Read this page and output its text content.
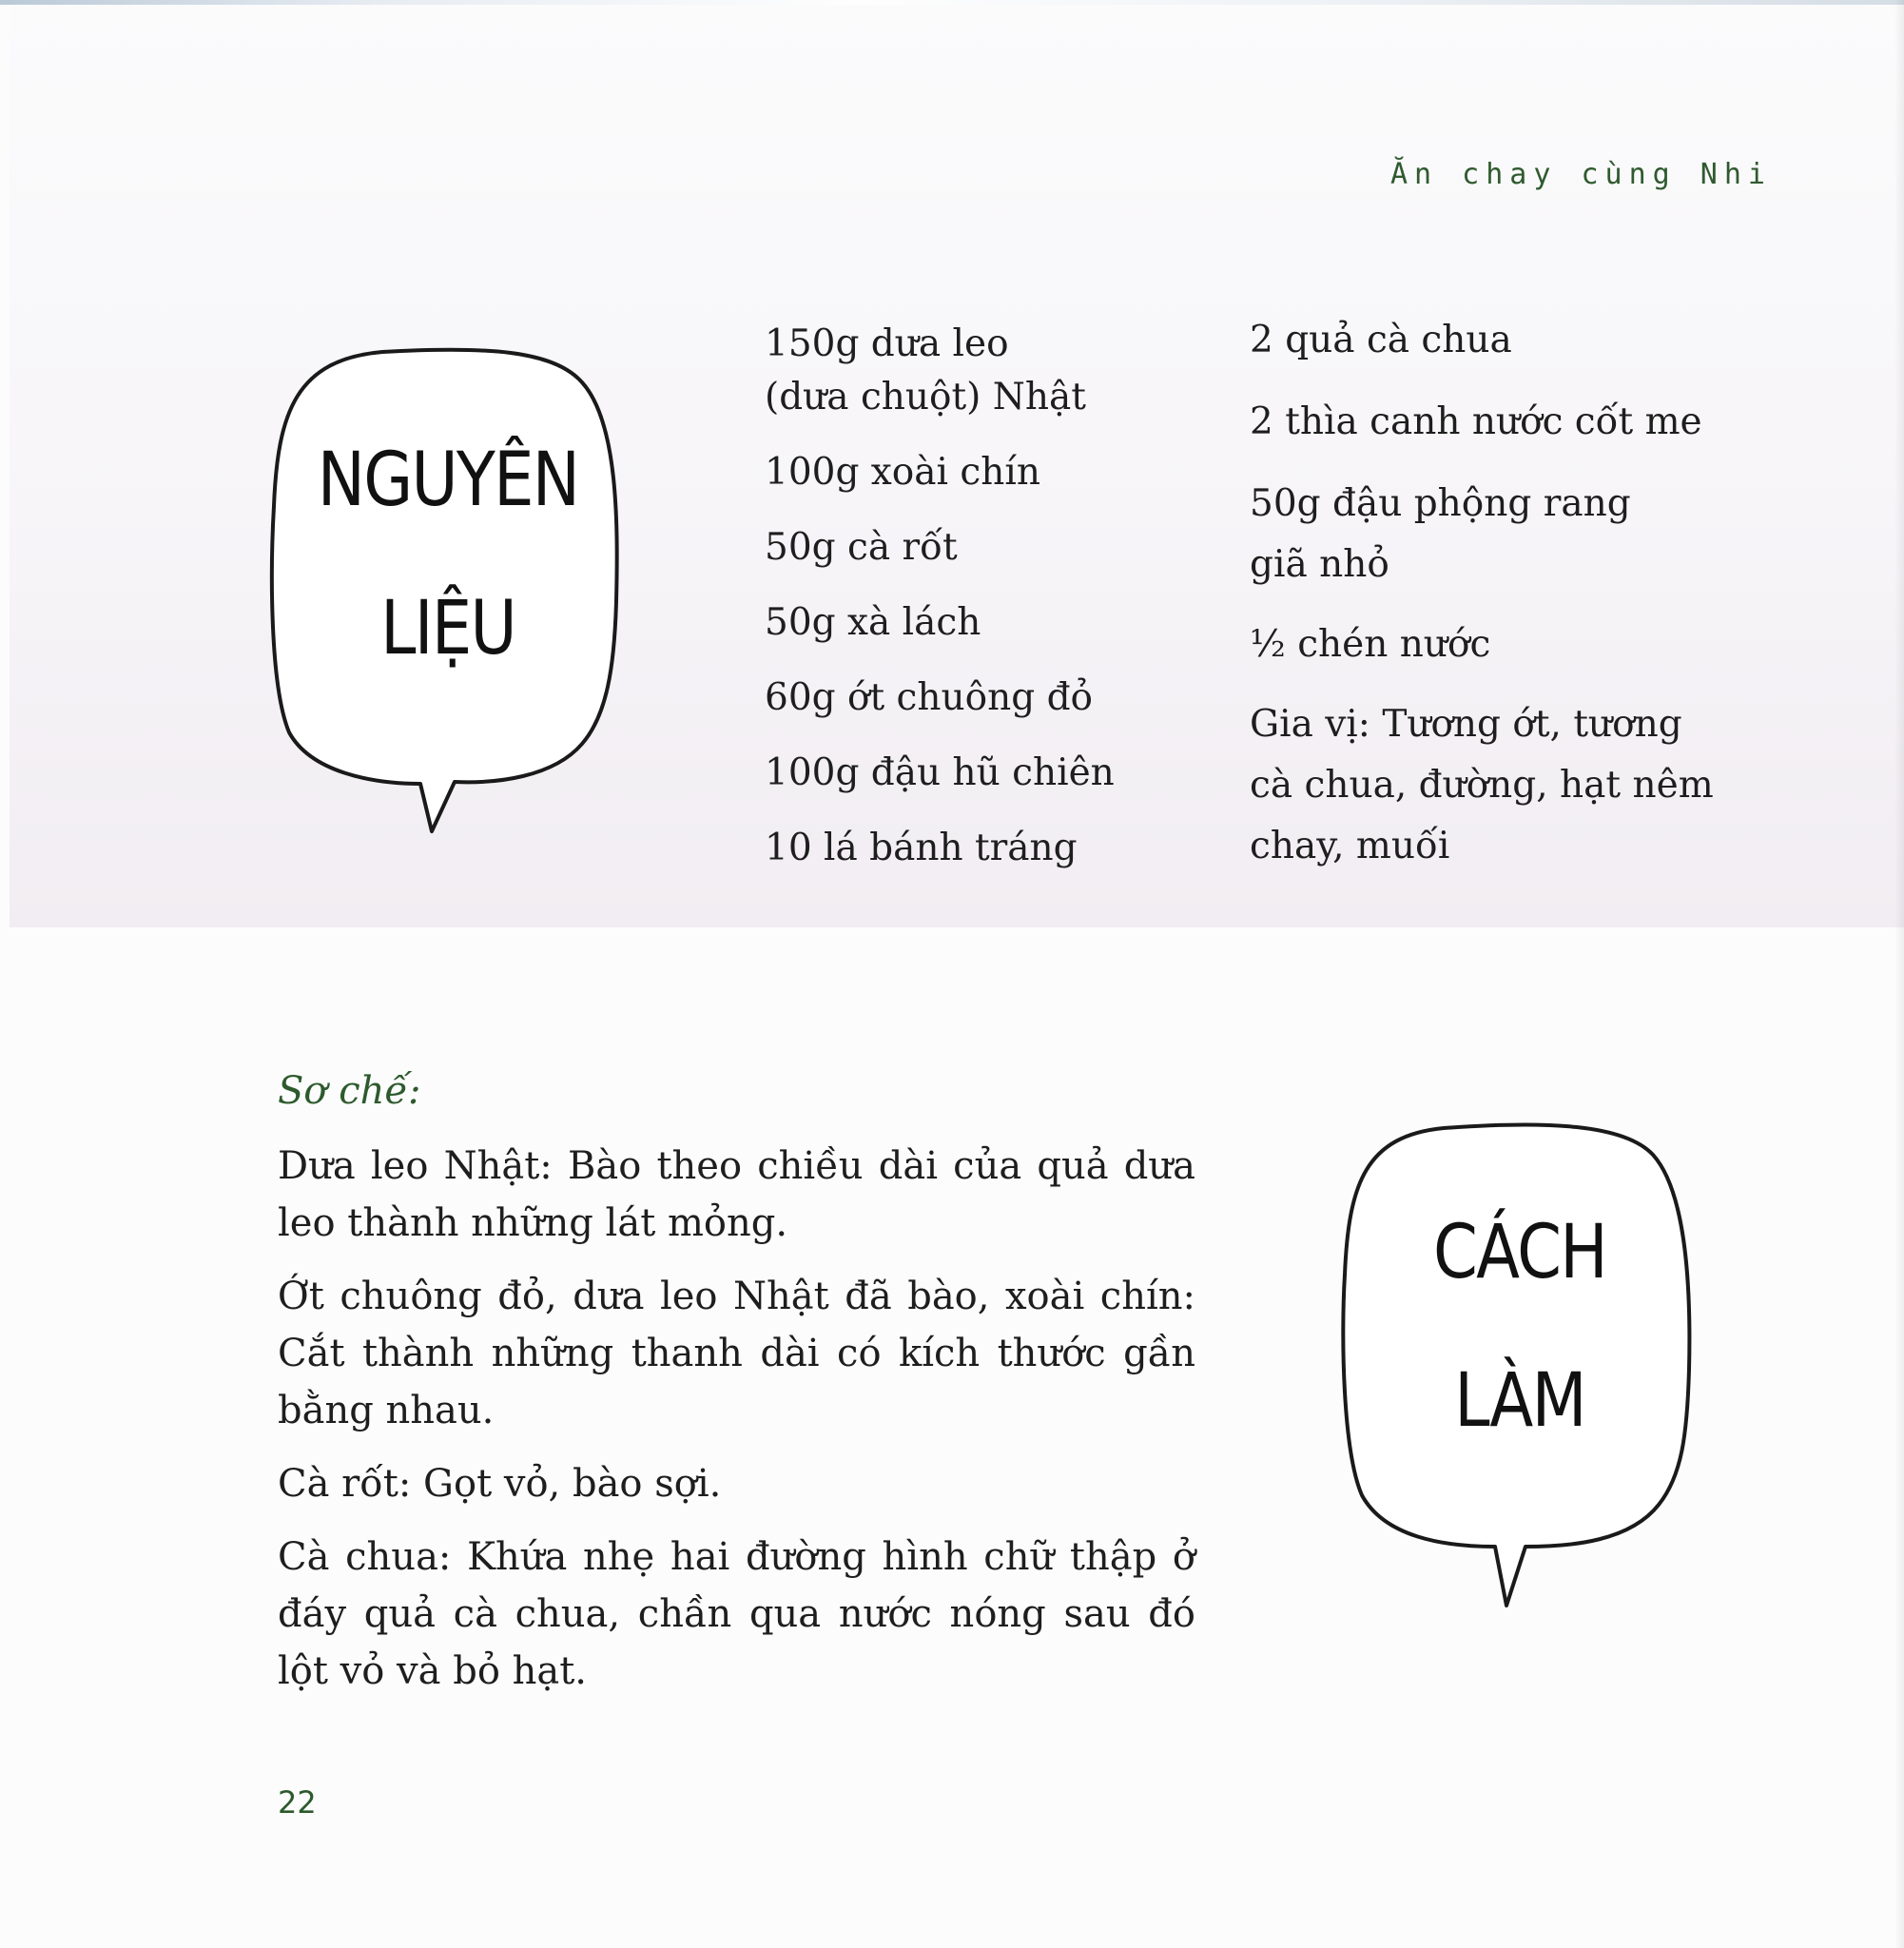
Ăn chay cùng Nhi
NGUYÊN
LIỆU
150g dưa leo
(dưa chuột) Nhật
100g xoài chín
50g cà rốt
50g xà lách
60g ớt chuông đỏ
100g đậu hũ chiên
10 lá bánh tráng
2 quả cà chua
2 thìa canh nước cốt me
50g đậu phộng rang
giã nhỏ
½ chén nước
Gia vị: Tương ớt, tương
cà chua, đường, hạt nêm
chay, muối
Sơ chế:

Dưa leo Nhật: Bào theo chiều dài của quả dưa leo thành những lát mỏng.

Ớt chuông đỏ, dưa leo Nhật đã bào, xoài chín: Cắt thành những thanh dài có kích thước gần bằng nhau.

Cà rốt: Gọt vỏ, bào sợi.

Cà chua: Khứa nhẹ hai đường hình chữ thập ở đáy quả cà chua, chần qua nước nóng sau đó lột vỏ và bỏ hạt.

CÁCH
LÀM
22
